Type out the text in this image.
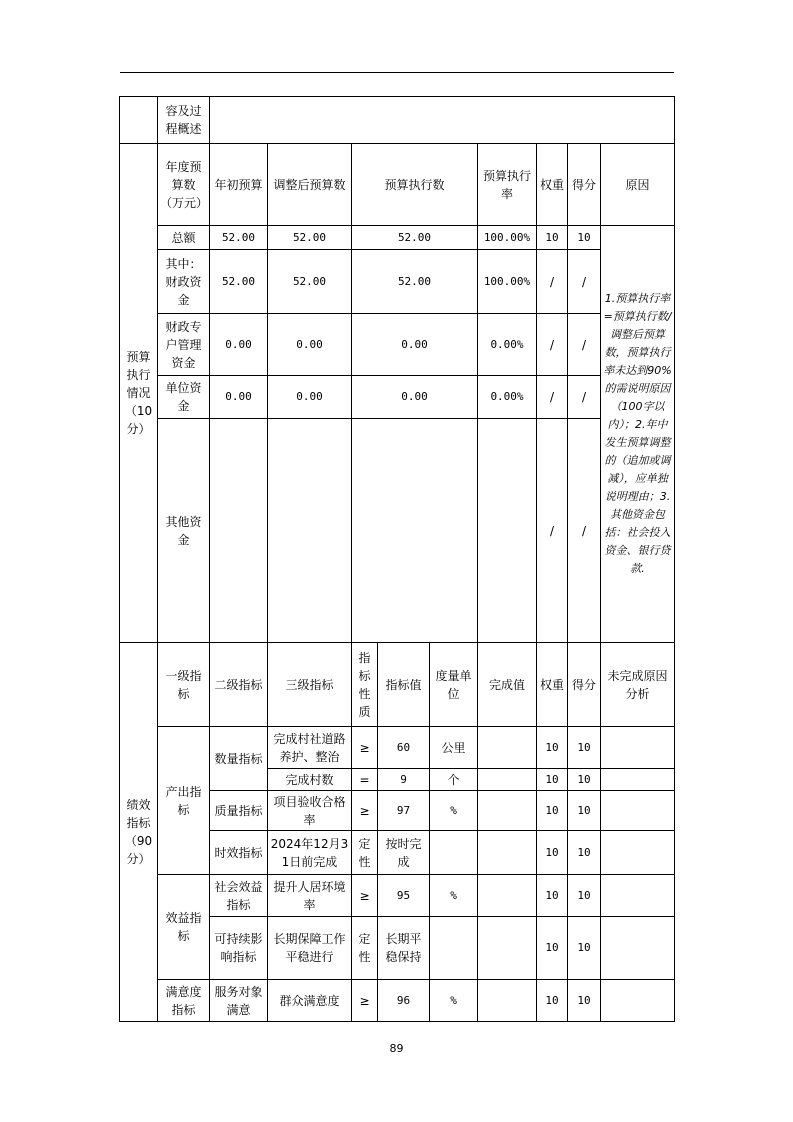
	容及过程概述									
预算执行情况（10分）	年度预算数（万元）	年初预算	调整后预算数	预算执行数			预算执行率	权重	得分	原因
	总额	52.00	52.00	52.00			100.00%	10	10	1.预算执行率=预算执行数/调整后预算数，预算执行率未达到90%的需说明原因（100字以内）；2.年中发生预算调整的（追加或调减），应单独说明理由；3.其他资金包括：社会投入资金、银行贷款.
	其中：财政资金	52.00	52.00	52.00			100.00%	/	/	
	财政专户管理资金	0.00	0.00	0.00			0.00%	/	/	
	单位资金	0.00	0.00	0.00			0.00%	/	/	
	其他资金							/	/	
绩效指标（90分）	一级指标	二级指标	三级指标	指标性质	指标值	度量单位	完成值	权重	得分	未完成原因分析
	产出指标	数量指标	完成村社道路养护、整治	≥	60	公里		10	10	
			完成村数	=	9	个		10	10	
		质量指标	项目验收合格率	≥	97	%		10	10	
		时效指标	2024年12月31日前完成	定性	按时完成			10	10	
	效益指标	社会效益指标	提升人居环境率	≥	95	%		10	10	
		可持续影响指标	长期保障工作平稳进行	定性	长期平稳保持			10	10	
	满意度指标	服务对象满意	群众满意度	≥	96	%		10	10	
89
